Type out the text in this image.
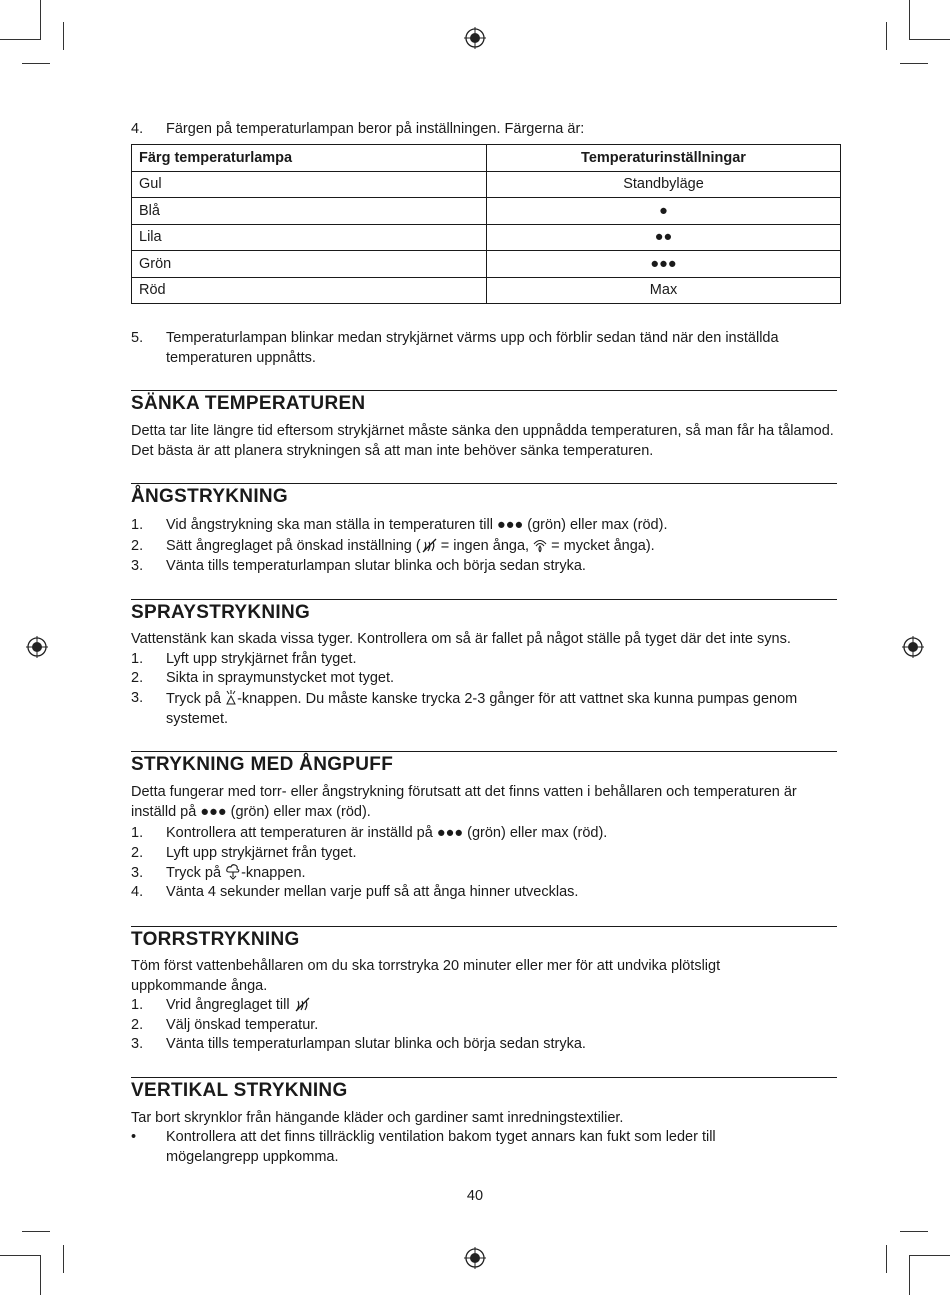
4. Färgen på temperaturlampan beror på inställningen. Färgerna är:
Färg temperaturlampa	Temperaturinställningar
Gul	Standbyläge
Blå	●
Lila	●●
Grön	●●●
Röd	Max
5. Temperaturlampan blinkar medan strykjärnet värms upp och förblir sedan tänd när den inställda temperaturen uppnåtts.
SÄNKA TEMPERATUREN
Detta tar lite längre tid eftersom strykjärnet måste sänka den uppnådda temperaturen, så man får ha tålamod. Det bästa är att planera strykningen så att man inte behöver sänka temperaturen.
ÅNGSTRYKNING
1. Vid ångstrykning ska man ställa in temperaturen till ●●● (grön) eller max (röd).
2. Sätt ångreglaget på önskad inställning ( = ingen ånga,  = mycket ånga).
3. Vänta tills temperaturlampan slutar blinka och börja sedan stryka.
SPRAYSTRYKNING
Vattenstänk kan skada vissa tyger. Kontrollera om så är fallet på något ställe på tyget där det inte syns.
1. Lyft upp strykjärnet från tyget.
2. Sikta in spraymunstycket mot tyget.
3. Tryck på -knappen. Du måste kanske trycka 2-3 gånger för att vattnet ska kunna pumpas genom systemet.
STRYKNING MED ÅNGPUFF
Detta fungerar med torr- eller ångstrykning förutsatt att det finns vatten i behållaren och temperaturen är inställd på ●●● (grön) eller max (röd).
1. Kontrollera att temperaturen är inställd på ●●● (grön) eller max (röd).
2. Lyft upp strykjärnet från tyget.
3. Tryck på -knappen.
4. Vänta 4 sekunder mellan varje puff så att ånga hinner utvecklas.
TORRSTRYKNING
Töm först vattenbehållaren om du ska torrstryka 20 minuter eller mer för att undvika plötsligt uppkommande ånga.
1. Vrid ångreglaget till
2. Välj önskad temperatur.
3. Vänta tills temperaturlampan slutar blinka och börja sedan stryka.
VERTIKAL STRYKNING
Tar bort skrynklor från hängande kläder och gardiner samt inredningstextilier.
• Kontrollera att det finns tillräcklig ventilation bakom tyget annars kan fukt som leder till mögelangrepp uppkomma.
40
